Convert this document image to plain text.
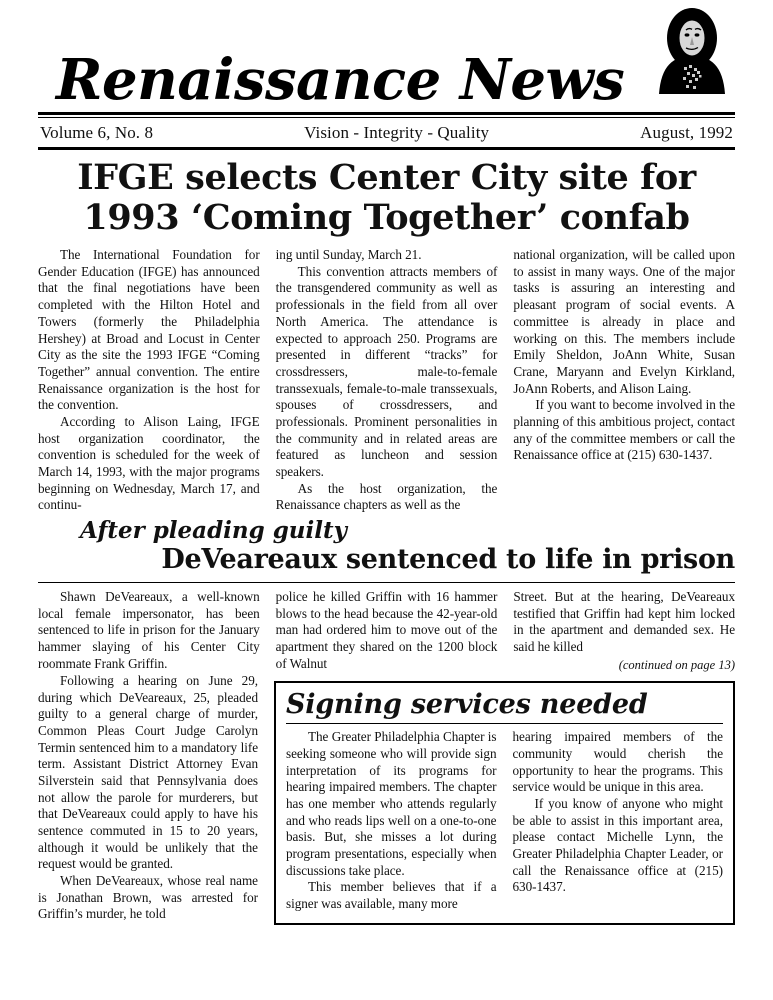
Renaissance News
Volume 6, No. 8	Vision - Integrity - Quality	August, 1992
IFGE selects Center City site for 1993 ‘Coming Together’ confab

The International Foundation for Gender Education (IFGE) has announced that the final negotiations have been completed with the Hilton Hotel and Towers (formerly the Philadelphia Hershey) at Broad and Locust in Center City as the site the 1993 IFGE “Coming Together” annual convention. The entire Renaissance organization is the host for the convention.

According to Alison Laing, IFGE host organization coordinator, the convention is scheduled for the week of March 14, 1993, with the major programs beginning on Wednesday, March 17, and continu-

ing until Sunday, March 21.

This convention attracts members of the transgendered community as well as professionals in the field from all over North America. The attendance is expected to approach 250. Programs are presented in different “tracks” for crossdressers, male-to-female transsexuals, female-to-male transsexuals, spouses of crossdressers, and professionals. Prominent personalities in the community and in related areas are featured as luncheon and session speakers.

As the host organization, the Renaissance chapters as well as the

national organization, will be called upon to assist in many ways. One of the major tasks is assuring an interesting and pleasant program of social events. A committee is already in place and working on this. The members include Emily Sheldon, JoAnn White, Susan Crane, Maryann and Evelyn Kirkland, JoAnn Roberts, and Alison Laing.

If you want to become involved in the planning of this ambitious project, contact any of the committee members or call the Renaissance office at (215) 630-1437.

After pleading guilty
DeVeareaux sentenced to life in prison

Shawn DeVeareaux, a well-known local female impersonator, has been sentenced to life in prison for the January hammer slaying of his Center City roommate Frank Griffin.

police he killed Griffin with 16 hammer blows to the head because the 42-year-old man had ordered him to move out of the apartment they shared on the 1200 block of Walnut

Street. But at the hearing, DeVeareaux testified that Griffin had kept him locked in the apartment and demanded sex. He said he killed

(continued on page 13)

Following a hearing on June 29, during which DeVeareaux, 25, pleaded guilty to a general charge of murder, Common Pleas Court Judge Carolyn Termin sentenced him to a mandatory life term. Assistant District Attorney Evan Silverstein said that Pennsylvania does not allow the parole for murderers, but that DeVeareaux could apply to have his sentence commuted in 15 to 20 years, although it would be unlikely that the request would be granted.

When DeVeareaux, whose real name is Jonathan Brown, was arrested for Griffin’s murder, he told

Signing services needed

The Greater Philadelphia Chapter is seeking someone who will provide sign interpretation of its programs for hearing impaired members. The chapter has one member who attends regularly and who reads lips well on a one-to-one basis. But, she misses a lot during program presentations, especially when discussions take place.

This member believes that if a signer was available, many more

hearing impaired members of the community would cherish the opportunity to hear the programs. This service would be unique in this area.

If you know of anyone who might be able to assist in this important area, please contact Michelle Lynn, the Greater Philadelphia Chapter Leader, or call the Renaissance office at (215) 630-1437.
